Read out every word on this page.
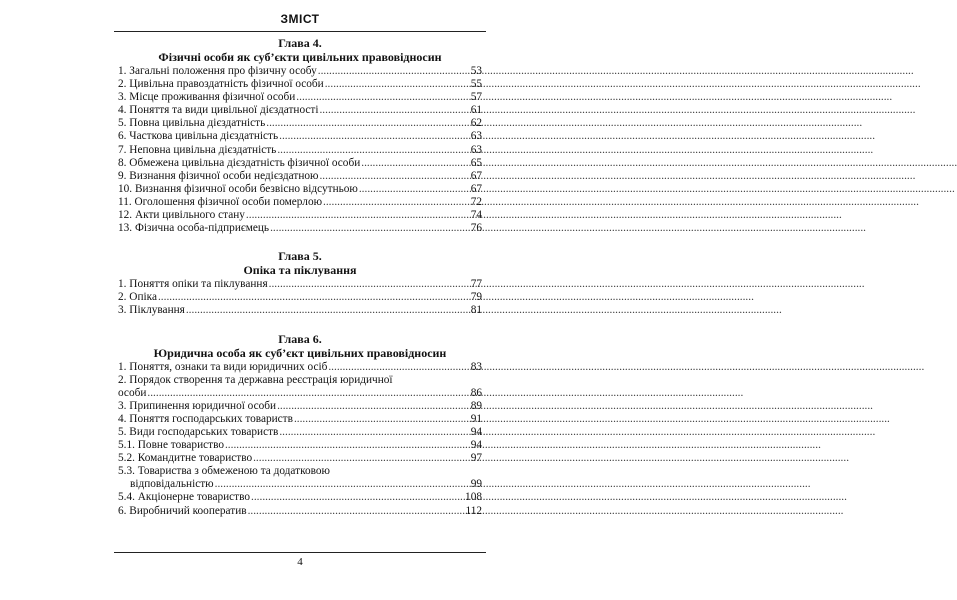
ЗМІСТ
Глава 4.
Фізичні особи як суб’єкти цивільних правовідносин
1. Загальні положення про фізичну особу .....	53
2. Цивільна правоздатність фізичної особи .....	55
3. Місце проживання фізичної особи .....	57
4. Поняття та види цивільної дієздатності .....	61
5. Повна цивільна дієздатність .....	62
6. Часткова цивільна дієздатність .....	63
7. Неповна цивільна дієздатність .....	63
8. Обмежена цивільна дієздатність фізичної особи .....	65
9. Визнання фізичної особи недієздатною .....	67
10. Визнання фізичної особи безвісно відсутньою .....	67
11. Оголошення фізичної особи померлою .....	72
12. Акти цивільного стану .....	74
13. Фізична особа-підприємець .....	76
Глава 5.
Опіка та піклування
1. Поняття опіки та піклування .....	77
2. Опіка .....	79
3. Піклування .....	81
Глава 6.
Юридична особа як суб’єкт цивільних правовідносин
1. Поняття, ознаки та види юридичних осіб .....	83
2. Порядок створення та державна реєстрація юридичної
особи .....	86
3. Припинення юридичної особи .....	89
4. Поняття господарських товариств .....	91
5. Види господарських товариств .....	94
5.1. Повне товариство .....	94
5.2. Командитне товариство .....	97
5.3. Товариства з обмеженою та додатковою
відповідальністю .....	99
5.4. Акціонерне товариство .....	108
6. Виробничий кооператив .....	112
4
